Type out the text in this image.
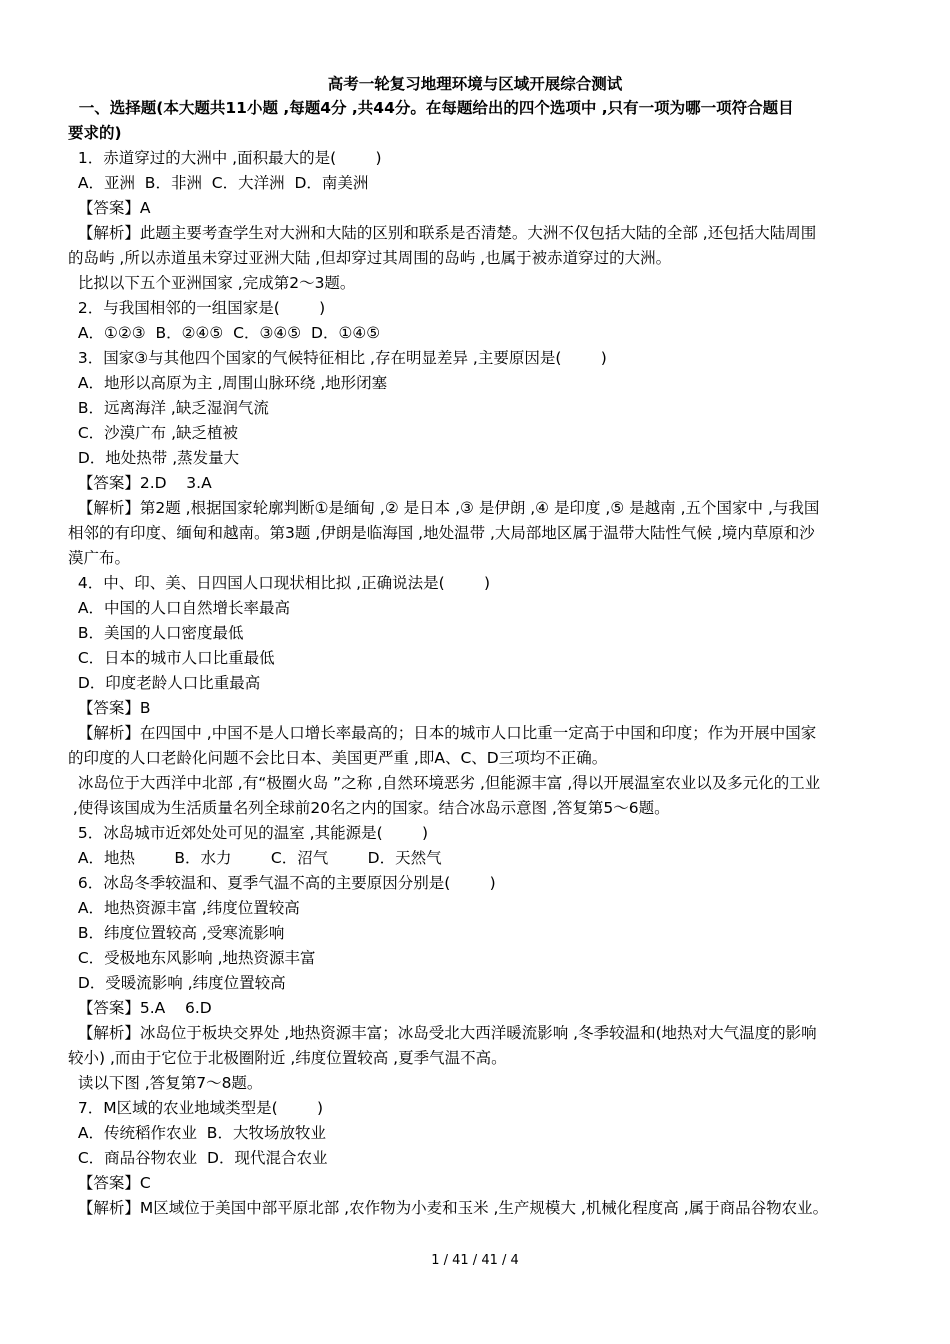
高考一轮复习地理环境与区域开展综合测试

一、选择题(本大题共11小题 ,每题4分 ,共44分。在每题给出的四个选项中 ,只有一项为哪一项符合题目

要求的)

1．赤道穿过的大洲中 ,面积最大的是(        )

A．亚洲  B．非洲  C．大洋洲  D．南美洲

【答案】A

【解析】此题主要考查学生对大洲和大陆的区别和联系是否清楚。大洲不仅包括大陆的全部 ,还包括大陆周围

的岛屿 ,所以赤道虽未穿过亚洲大陆 ,但却穿过其周围的岛屿 ,也属于被赤道穿过的大洲。

比拟以下五个亚洲国家 ,完成第2～3题。

2．与我国相邻的一组国家是(        )

A．①②③  B．②④⑤  C．③④⑤  D．①④⑤

3．国家③与其他四个国家的气候特征相比 ,存在明显差异 ,主要原因是(        )

A．地形以高原为主 ,周围山脉环绕 ,地形闭塞

B．远离海洋 ,缺乏湿润气流

C．沙漠广布 ,缺乏植被

D．地处热带 ,蒸发量大

【答案】2.D    3.A

【解析】第2题 ,根据国家轮廓判断①是缅甸 ,② 是日本 ,③ 是伊朗 ,④ 是印度 ,⑤ 是越南 ,五个国家中 ,与我国

相邻的有印度、缅甸和越南。第3题 ,伊朗是临海国 ,地处温带 ,大局部地区属于温带大陆性气候 ,境内草原和沙

漠广布。

4．中、印、美、日四国人口现状相比拟 ,正确说法是(        )

A．中国的人口自然增长率最高

B．美国的人口密度最低

C．日本的城市人口比重最低

D．印度老龄人口比重最高

【答案】B

【解析】在四国中 ,中国不是人口增长率最高的；日本的城市人口比重一定高于中国和印度；作为开展中国家

的印度的人口老龄化问题不会比日本、美国更严重 ,即A、C、D三项均不正确。

冰岛位于大西洋中北部 ,有“极圈火岛 ”之称 ,自然环境恶劣 ,但能源丰富 ,得以开展温室农业以及多元化的工业

,使得该国成为生活质量名列全球前20名之内的国家。结合冰岛示意图 ,答复第5～6题。

5．冰岛城市近郊处处可见的温室 ,其能源是(        )

A．地热        B．水力        C．沼气        D．天然气

6．冰岛冬季较温和、夏季气温不高的主要原因分别是(        )

A．地热资源丰富 ,纬度位置较高

B．纬度位置较高 ,受寒流影响

C．受极地东风影响 ,地热资源丰富

D．受暖流影响 ,纬度位置较高

【答案】5.A    6.D

【解析】冰岛位于板块交界处 ,地热资源丰富；冰岛受北大西洋暖流影响 ,冬季较温和(地热对大气温度的影响

较小) ,而由于它位于北极圈附近 ,纬度位置较高 ,夏季气温不高。

读以下图 ,答复第7～8题。

7．M区域的农业地域类型是(        )

A．传统稻作农业  B．大牧场放牧业

C．商品谷物农业  D．现代混合农业

【答案】C

【解析】M区域位于美国中部平原北部 ,农作物为小麦和玉米 ,生产规模大 ,机械化程度高 ,属于商品谷物农业。

1 / 41 / 41 / 4
